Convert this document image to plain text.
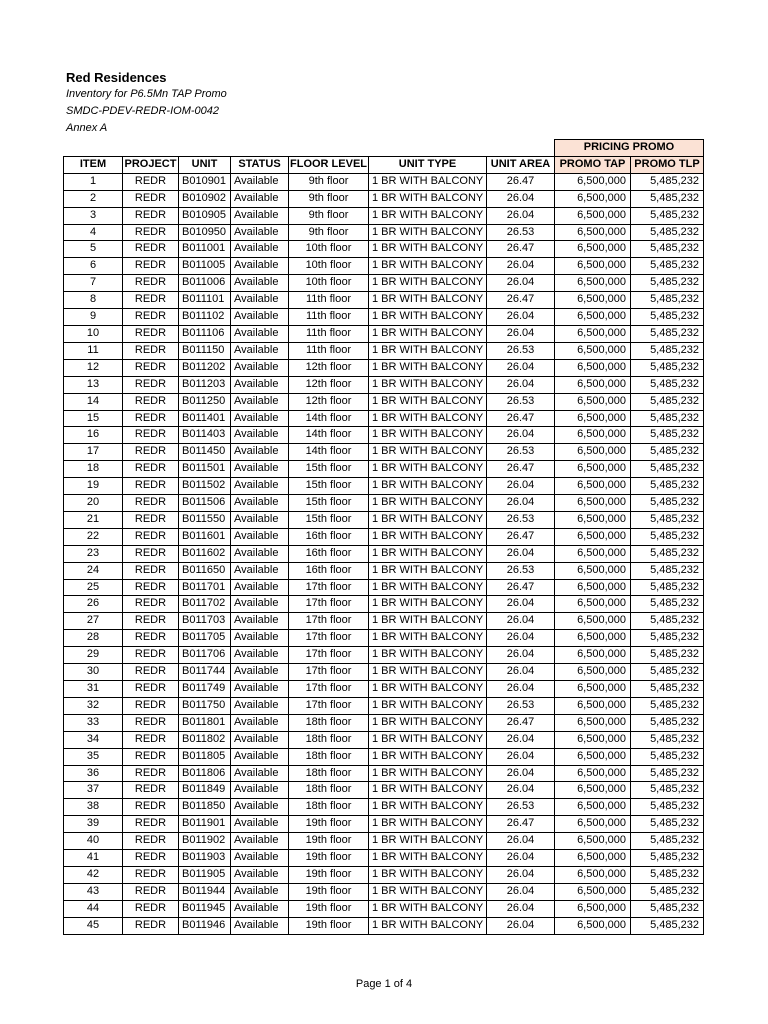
Red Residences
Inventory for P6.5Mn TAP Promo
SMDC-PDEV-REDR-IOM-0042
Annex A
							PRICING PROMO	
ITEM	PROJECT	UNIT	STATUS	FLOOR LEVEL	UNIT TYPE	UNIT AREA	PROMO TAP	PROMO TLP
1	REDR	B010901	Available	9th floor	1 BR WITH BALCONY	26.47	6,500,000	5,485,232
2	REDR	B010902	Available	9th floor	1 BR WITH BALCONY	26.04	6,500,000	5,485,232
3	REDR	B010905	Available	9th floor	1 BR WITH BALCONY	26.04	6,500,000	5,485,232
4	REDR	B010950	Available	9th floor	1 BR WITH BALCONY	26.53	6,500,000	5,485,232
5	REDR	B011001	Available	10th floor	1 BR WITH BALCONY	26.47	6,500,000	5,485,232
6	REDR	B011005	Available	10th floor	1 BR WITH BALCONY	26.04	6,500,000	5,485,232
7	REDR	B011006	Available	10th floor	1 BR WITH BALCONY	26.04	6,500,000	5,485,232
8	REDR	B011101	Available	11th floor	1 BR WITH BALCONY	26.47	6,500,000	5,485,232
9	REDR	B011102	Available	11th floor	1 BR WITH BALCONY	26.04	6,500,000	5,485,232
10	REDR	B011106	Available	11th floor	1 BR WITH BALCONY	26.04	6,500,000	5,485,232
11	REDR	B011150	Available	11th floor	1 BR WITH BALCONY	26.53	6,500,000	5,485,232
12	REDR	B011202	Available	12th floor	1 BR WITH BALCONY	26.04	6,500,000	5,485,232
13	REDR	B011203	Available	12th floor	1 BR WITH BALCONY	26.04	6,500,000	5,485,232
14	REDR	B011250	Available	12th floor	1 BR WITH BALCONY	26.53	6,500,000	5,485,232
15	REDR	B011401	Available	14th floor	1 BR WITH BALCONY	26.47	6,500,000	5,485,232
16	REDR	B011403	Available	14th floor	1 BR WITH BALCONY	26.04	6,500,000	5,485,232
17	REDR	B011450	Available	14th floor	1 BR WITH BALCONY	26.53	6,500,000	5,485,232
18	REDR	B011501	Available	15th floor	1 BR WITH BALCONY	26.47	6,500,000	5,485,232
19	REDR	B011502	Available	15th floor	1 BR WITH BALCONY	26.04	6,500,000	5,485,232
20	REDR	B011506	Available	15th floor	1 BR WITH BALCONY	26.04	6,500,000	5,485,232
21	REDR	B011550	Available	15th floor	1 BR WITH BALCONY	26.53	6,500,000	5,485,232
22	REDR	B011601	Available	16th floor	1 BR WITH BALCONY	26.47	6,500,000	5,485,232
23	REDR	B011602	Available	16th floor	1 BR WITH BALCONY	26.04	6,500,000	5,485,232
24	REDR	B011650	Available	16th floor	1 BR WITH BALCONY	26.53	6,500,000	5,485,232
25	REDR	B011701	Available	17th floor	1 BR WITH BALCONY	26.47	6,500,000	5,485,232
26	REDR	B011702	Available	17th floor	1 BR WITH BALCONY	26.04	6,500,000	5,485,232
27	REDR	B011703	Available	17th floor	1 BR WITH BALCONY	26.04	6,500,000	5,485,232
28	REDR	B011705	Available	17th floor	1 BR WITH BALCONY	26.04	6,500,000	5,485,232
29	REDR	B011706	Available	17th floor	1 BR WITH BALCONY	26.04	6,500,000	5,485,232
30	REDR	B011744	Available	17th floor	1 BR WITH BALCONY	26.04	6,500,000	5,485,232
31	REDR	B011749	Available	17th floor	1 BR WITH BALCONY	26.04	6,500,000	5,485,232
32	REDR	B011750	Available	17th floor	1 BR WITH BALCONY	26.53	6,500,000	5,485,232
33	REDR	B011801	Available	18th floor	1 BR WITH BALCONY	26.47	6,500,000	5,485,232
34	REDR	B011802	Available	18th floor	1 BR WITH BALCONY	26.04	6,500,000	5,485,232
35	REDR	B011805	Available	18th floor	1 BR WITH BALCONY	26.04	6,500,000	5,485,232
36	REDR	B011806	Available	18th floor	1 BR WITH BALCONY	26.04	6,500,000	5,485,232
37	REDR	B011849	Available	18th floor	1 BR WITH BALCONY	26.04	6,500,000	5,485,232
38	REDR	B011850	Available	18th floor	1 BR WITH BALCONY	26.53	6,500,000	5,485,232
39	REDR	B011901	Available	19th floor	1 BR WITH BALCONY	26.47	6,500,000	5,485,232
40	REDR	B011902	Available	19th floor	1 BR WITH BALCONY	26.04	6,500,000	5,485,232
41	REDR	B011903	Available	19th floor	1 BR WITH BALCONY	26.04	6,500,000	5,485,232
42	REDR	B011905	Available	19th floor	1 BR WITH BALCONY	26.04	6,500,000	5,485,232
43	REDR	B011944	Available	19th floor	1 BR WITH BALCONY	26.04	6,500,000	5,485,232
44	REDR	B011945	Available	19th floor	1 BR WITH BALCONY	26.04	6,500,000	5,485,232
45	REDR	B011946	Available	19th floor	1 BR WITH BALCONY	26.04	6,500,000	5,485,232
Page 1 of 4
